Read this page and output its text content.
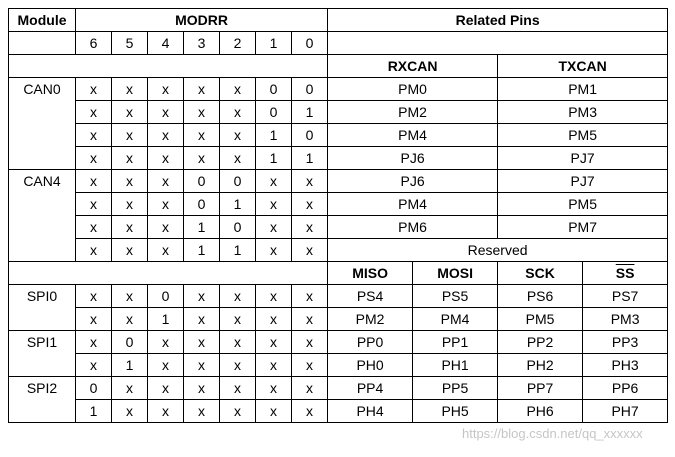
Module	MODRR							Related Pins			
	6	5	4	3	2	1	0				
								RXCAN		TXCAN	
CAN0	x	x	x	x	x	0	0	PM0		PM1	
	x	x	x	x	x	0	1	PM2		PM3	
	x	x	x	x	x	1	0	PM4		PM5	
	x	x	x	x	x	1	1	PJ6		PJ7	
CAN4	x	x	x	0	0	x	x	PJ6		PJ7	
	x	x	x	0	1	x	x	PM4		PM5	
	x	x	x	1	0	x	x	PM6		PM7	
	x	x	x	1	1	x	x	Reserved			
								MISO	MOSI	SCK	$\overline{SS}$
SPI0	x	x	0	x	x	x	x	PS4	PS5	PS6	PS7
	x	x	1	x	x	x	x	PM2	PM4	PM5	PM3
SPI1	x	0	x	x	x	x	x	PP0	PP1	PP2	PP3
	x	1	x	x	x	x	x	PH0	PH1	PH2	PH3
SPI2	0	x	x	x	x	x	x	PP4	PP5	PP7	PP6
	1	x	x	x	x	x	x	PH4	PH5	PH6	PH7
https://blog.csdn.net/qq_xxxxxx
